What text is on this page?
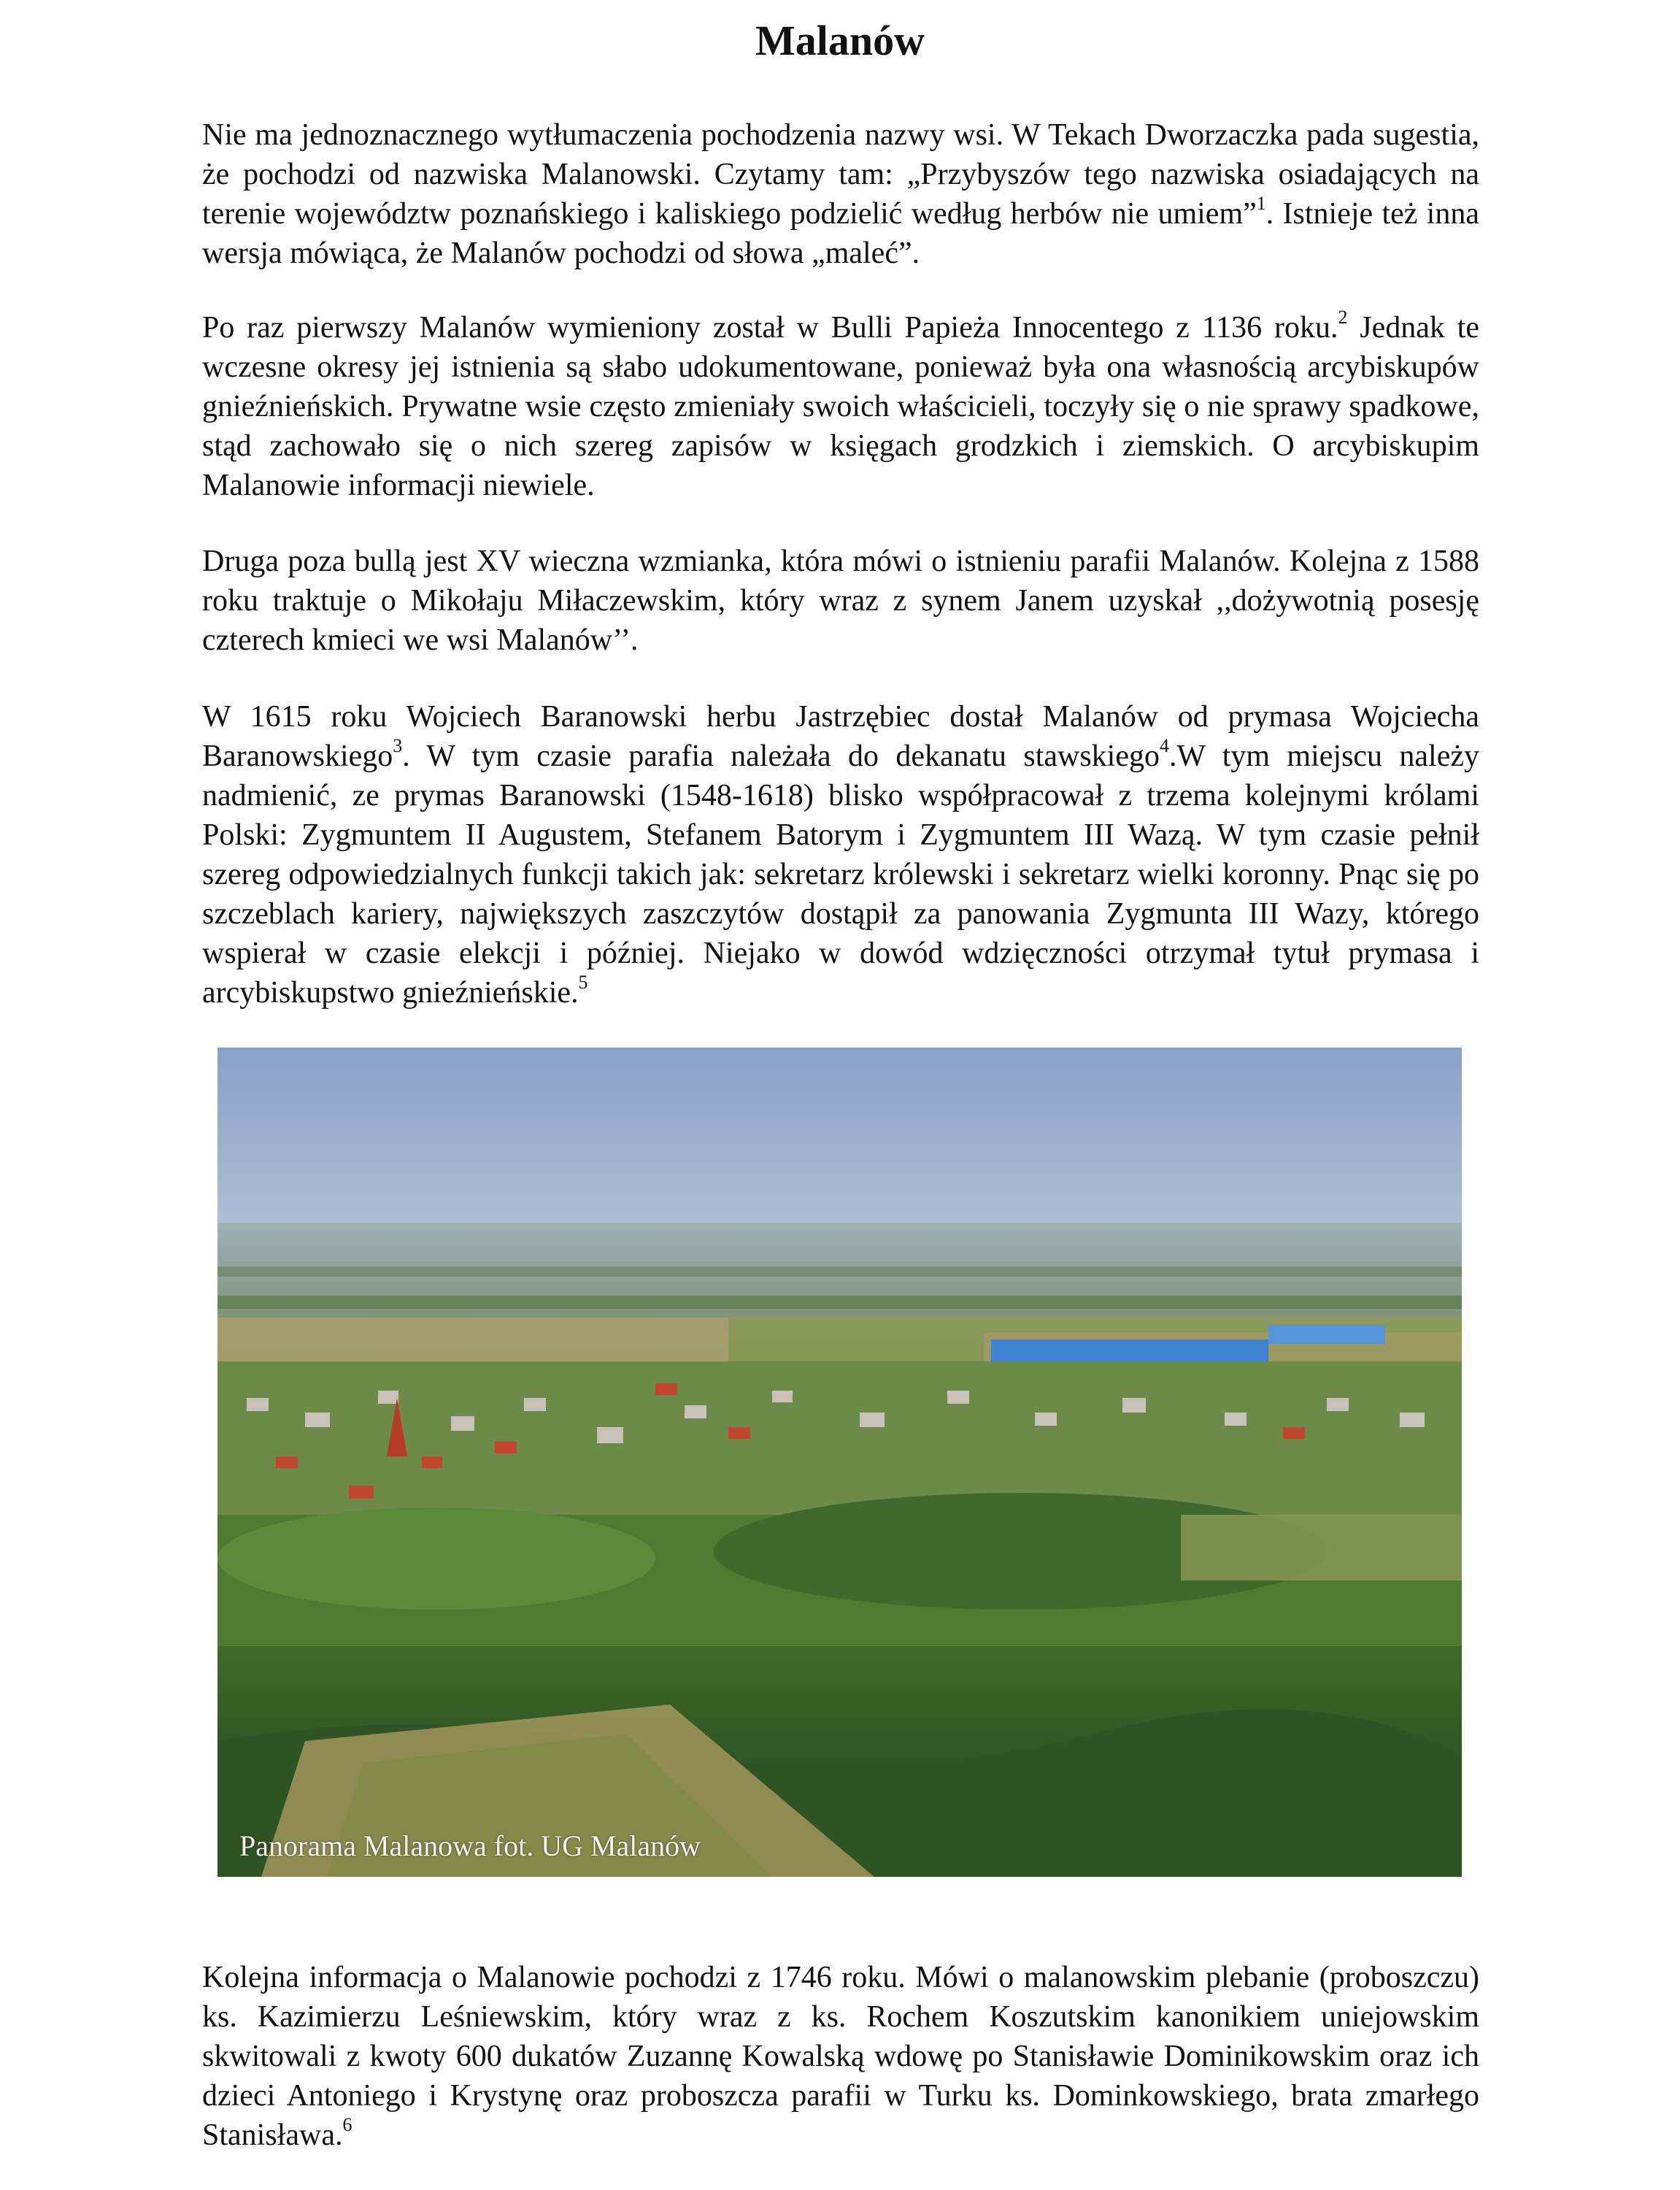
Malanów

Nie ma jednoznacznego wytłumaczenia pochodzenia nazwy wsi. W Tekach Dworzaczka pada sugestia, że pochodzi od nazwiska Malanowski. Czytamy tam: „Przybyszów tego nazwiska osiadających na terenie województw poznańskiego i kaliskiego podzielić według herbów nie umiem”$^1$. Istnieje też inna wersja mówiąca, że Malanów pochodzi od słowa „maleć”.

Po raz pierwszy Malanów wymieniony został w Bulli Papieża Innocentego z 1136 roku.$^2$ Jednak te wczesne okresy jej istnienia są słabo udokumentowane, ponieważ była ona własnością arcybiskupów gnieźnieńskich. Prywatne wsie często zmieniały swoich właścicieli, toczyły się o nie sprawy spadkowe, stąd zachowało się o nich szereg zapisów w księgach grodzkich i ziemskich. O arcybiskupim Malanowie informacji niewiele.

Druga poza bullą jest XV wieczna wzmianka, która mówi o istnieniu parafii Malanów. Kolejna z 1588 roku traktuje o Mikołaju Miłaczewskim, który wraz z synem Janem uzyskał ,,dożywotnią posesję czterech kmieci we wsi Malanów’’.

W 1615 roku Wojciech Baranowski herbu Jastrzębiec dostał Malanów od prymasa Wojciecha Baranowskiego$^3$. W tym czasie parafia należała do dekanatu stawskiego$^4$.W tym miejscu należy nadmienić, ze prymas Baranowski (1548-1618) blisko współpracował z trzema kolejnymi królami Polski: Zygmuntem II Augustem, Stefanem Batorym i Zygmuntem III Wazą. W tym czasie pełnił szereg odpowiedzialnych funkcji takich jak: sekretarz królewski i sekretarz wielki koronny. Pnąc się po szczeblach kariery, największych zaszczytów dostąpił za panowania Zygmunta III Wazy, którego wspierał w czasie elekcji i później. Niejako w dowód wdzięczności otrzymał tytuł prymasa i arcybiskupstwo gnieźnieńskie.$^5$

Panorama Malanowa fot. UG Malanów

Kolejna informacja o Malanowie pochodzi z 1746 roku. Mówi o malanowskim plebanie (proboszczu) ks. Kazimierzu Leśniewskim, który wraz z ks. Rochem Koszutskim kanonikiem uniejowskim skwitowali z kwoty 600 dukatów Zuzannę Kowalską wdowę po Stanisławie Dominikowskim oraz ich dzieci Antoniego i Krystynę oraz proboszcza parafii w Turku ks. Dominkowskiego, brata zmarłego Stanisława.$^6$
